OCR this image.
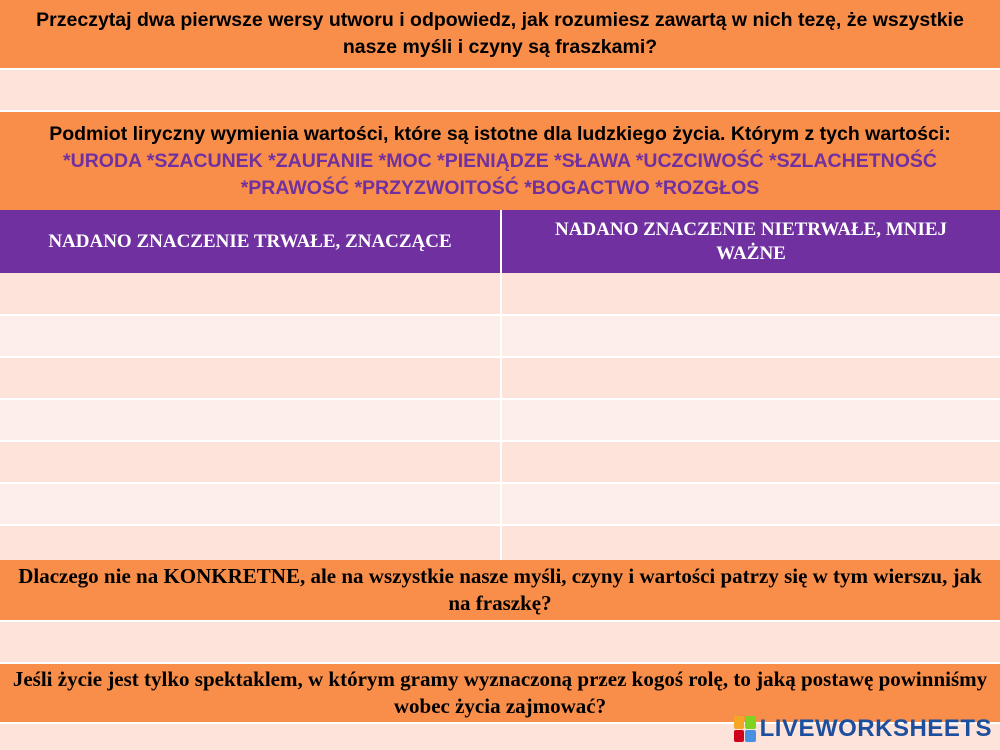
Przeczytaj dwa pierwsze wersy utworu i odpowiedz, jak rozumiesz zawartą w nich tezę, że wszystkie nasze myśli i czyny są fraszkami?
Podmiot liryczny wymienia wartości, które są istotne dla ludzkiego życia. Którym z tych wartości: *URODA *SZACUNEK *ZAUFANIE *MOC *PIENIĄDZE *SŁAWA *UCZCIWOŚĆ *SZLACHETNOŚĆ *PRAWOŚĆ *PRZYZWOITOŚĆ *BOGACTWO *ROZGŁOS
NADANO ZNACZENIE TRWAŁE, ZNACZĄCE
NADANO ZNACZENIE NIETRWAŁE, MNIEJ WAŻNE
Dlaczego nie na KONKRETNE, ale na wszystkie nasze myśli, czyny i wartości patrzy się w tym wierszu, jak na fraszkę?
Jeśli życie jest tylko spektaklem, w którym gramy wyznaczoną przez kogoś rolę, to jaką postawę powinniśmy wobec życia zajmować?
LIVEWORKSHEETS
